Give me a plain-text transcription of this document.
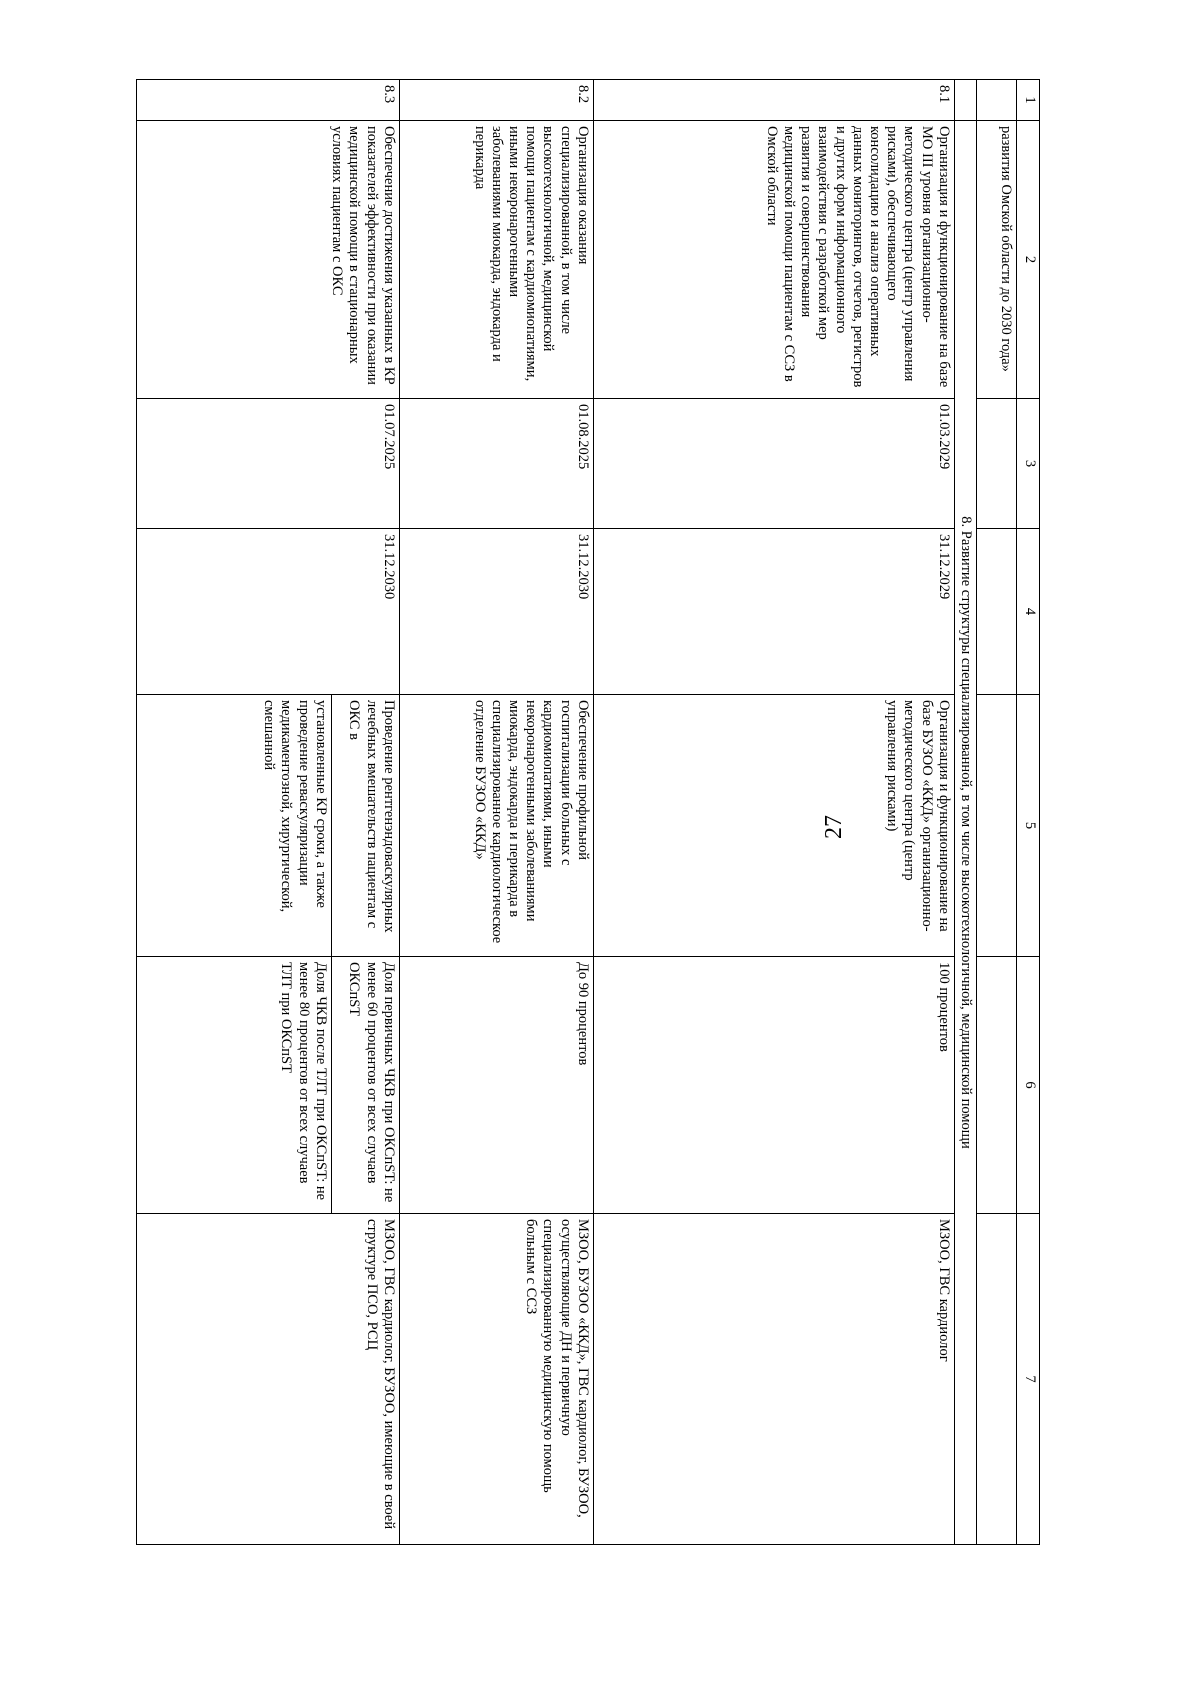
27
1	2	3	4	5	6	7
	развития Омской области до 2030 года»					
	8. Развитие структуры специализированной, в том числе высокотехнологичной, медицинской помощи					
8.1	Организация и функционирование на базе МО III уровня организационно-методического центра (центр управления рисками), обеспечивающего консолидацию и анализ оперативных данных мониторингов, отчетов, регистров и других форм информационного взаимодействия с разработкой мер развития и совершенствования медицинской помощи пациентам с ССЗ в Омской области	01.03.2029	31.12.2029	Организация и функционирование на базе БУЗОО «ККД» организационно-методического центра (центр управления рисками)	100 процентов	МЗОО, ГВС кардиолог
8.2	Организация оказания специализированной, в том числе высокотехнологичной, медицинской помощи пациентам с кардиомиопатиями, иными некоронарогенными заболеваниями миокарда, эндокарда и перикарда	01.08.2025	31.12.2030	Обеспечение профильной госпитализации больных с кардиомиопатиями, иными некоронарогенными заболеваниями миокарда, эндокарда и перикарда в специализированное кардиологическое отделение БУЗОО «ККД»	До 90 процентов	МЗОО, БУЗОО «ККД», ГВС кардиолог, БУЗОО, осуществляющие ДН и первичную специализированную медицинскую помощь больным с ССЗ
8.3	Обеспечение достижения указанных в КР показателей эффективности при оказании медицинской помощи в стационарных условиях пациентам с ОКС	01.07.2025	31.12.2030	Проведение рентгенэндоваскулярных лечебных вмешательств пациентам с ОКС в	Доля первичных ЧКВ при ОКСпST: не менее 60 процентов от всех случаев ОКСпST	МЗОО, ГВС кардиолог, БУЗОО, имеющие в своей структуре ПСО, РСЦ
				установленные КР сроки, а также проведение реваскуляризации медикаментозной, хирургической, смешанной	Доля ЧКВ после ТЛТ при ОКСпST: не менее 80 процентов от всех случаев ТЛТ при ОКСпST	
